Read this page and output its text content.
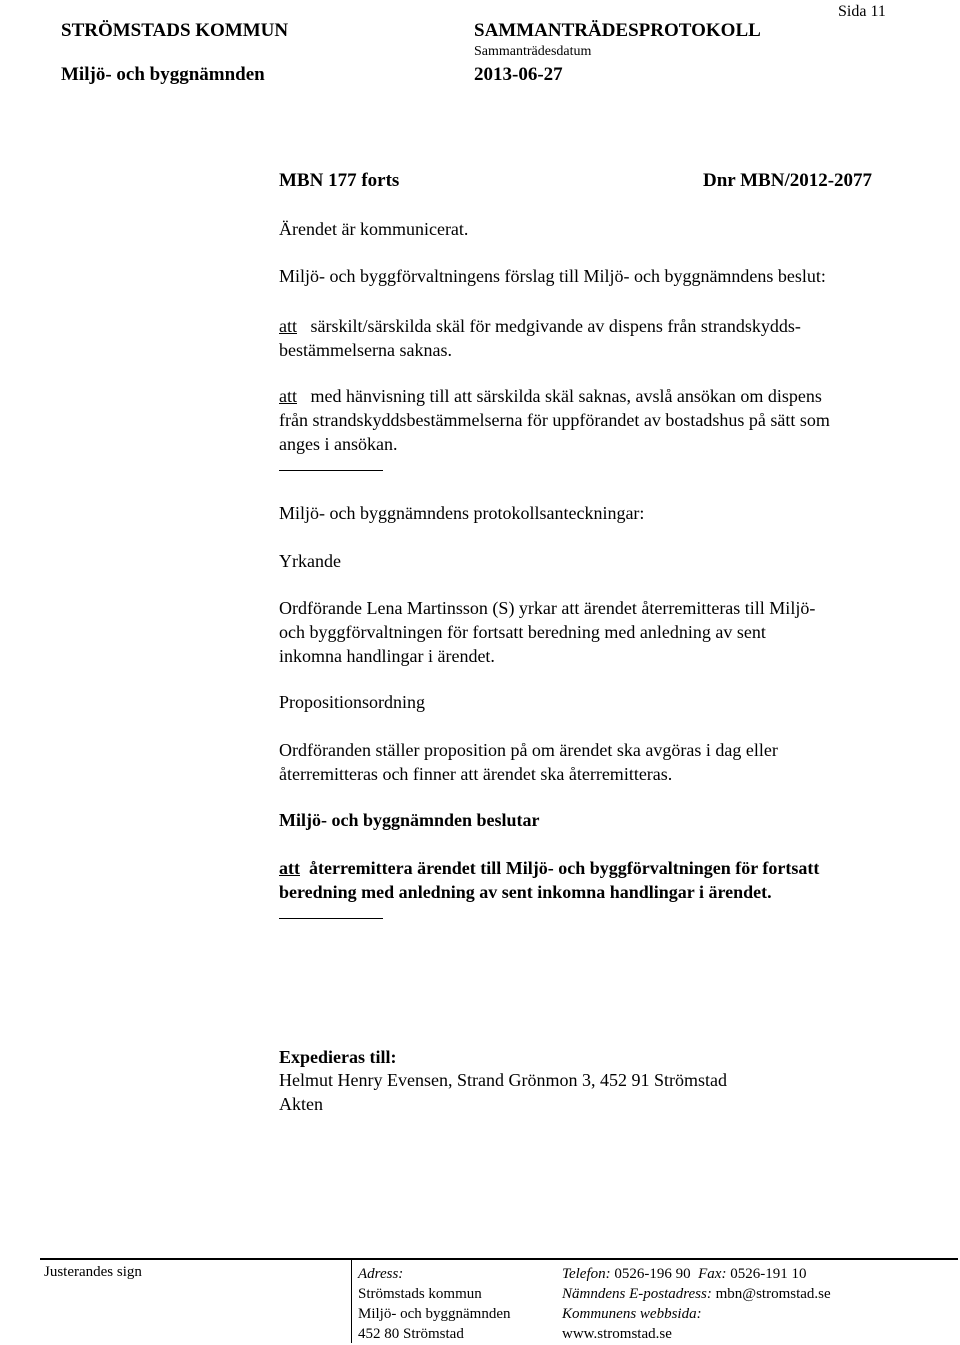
Sida 11
STRÖMSTADS KOMMUN	SAMMANTRÄDESPROTOKOLL
Sammanträdesdatum
Miljö- och byggnämnden	2013-06-27
MBN 177 forts	Dnr MBN/2012-2077
Ärendet är kommunicerat.
Miljö- och byggförvaltningens förslag till Miljö- och byggnämndens beslut:
att särskilt/särskilda skäl för medgivande av dispens från strandskydds-
bestämmelserna saknas.
att med hänvisning till att särskilda skäl saknas, avslå ansökan om dispens
från strandskyddsbestämmelserna för uppförandet av bostadshus på sätt som
anges i ansökan.
Miljö- och byggnämndens protokollsanteckningar:
Yrkande
Ordförande Lena Martinsson (S) yrkar att ärendet återremitteras till Miljö-
och byggförvaltningen för fortsatt beredning med anledning av sent
inkomna handlingar i ärendet.
Propositionsordning
Ordföranden ställer proposition på om ärendet ska avgöras i dag eller
återremitteras och finner att ärendet ska återremitteras.
Miljö- och byggnämnden beslutar
att återremittera ärendet till Miljö- och byggförvaltningen för fortsatt
beredning med anledning av sent inkomna handlingar i ärendet.
Expedieras till:
Helmut Henry Evensen, Strand Grönmon 3, 452 91 Strömstad
Akten
Justerandes sign	Adress:
Strömstads kommun
Miljö- och byggnämnden
452 80 Strömstad
Telefon: 0526-196 90 Fax: 0526-191 10
Nämndens E-postadress: mbn@stromstad.se
Kommunens webbsida:
www.stromstad.se
